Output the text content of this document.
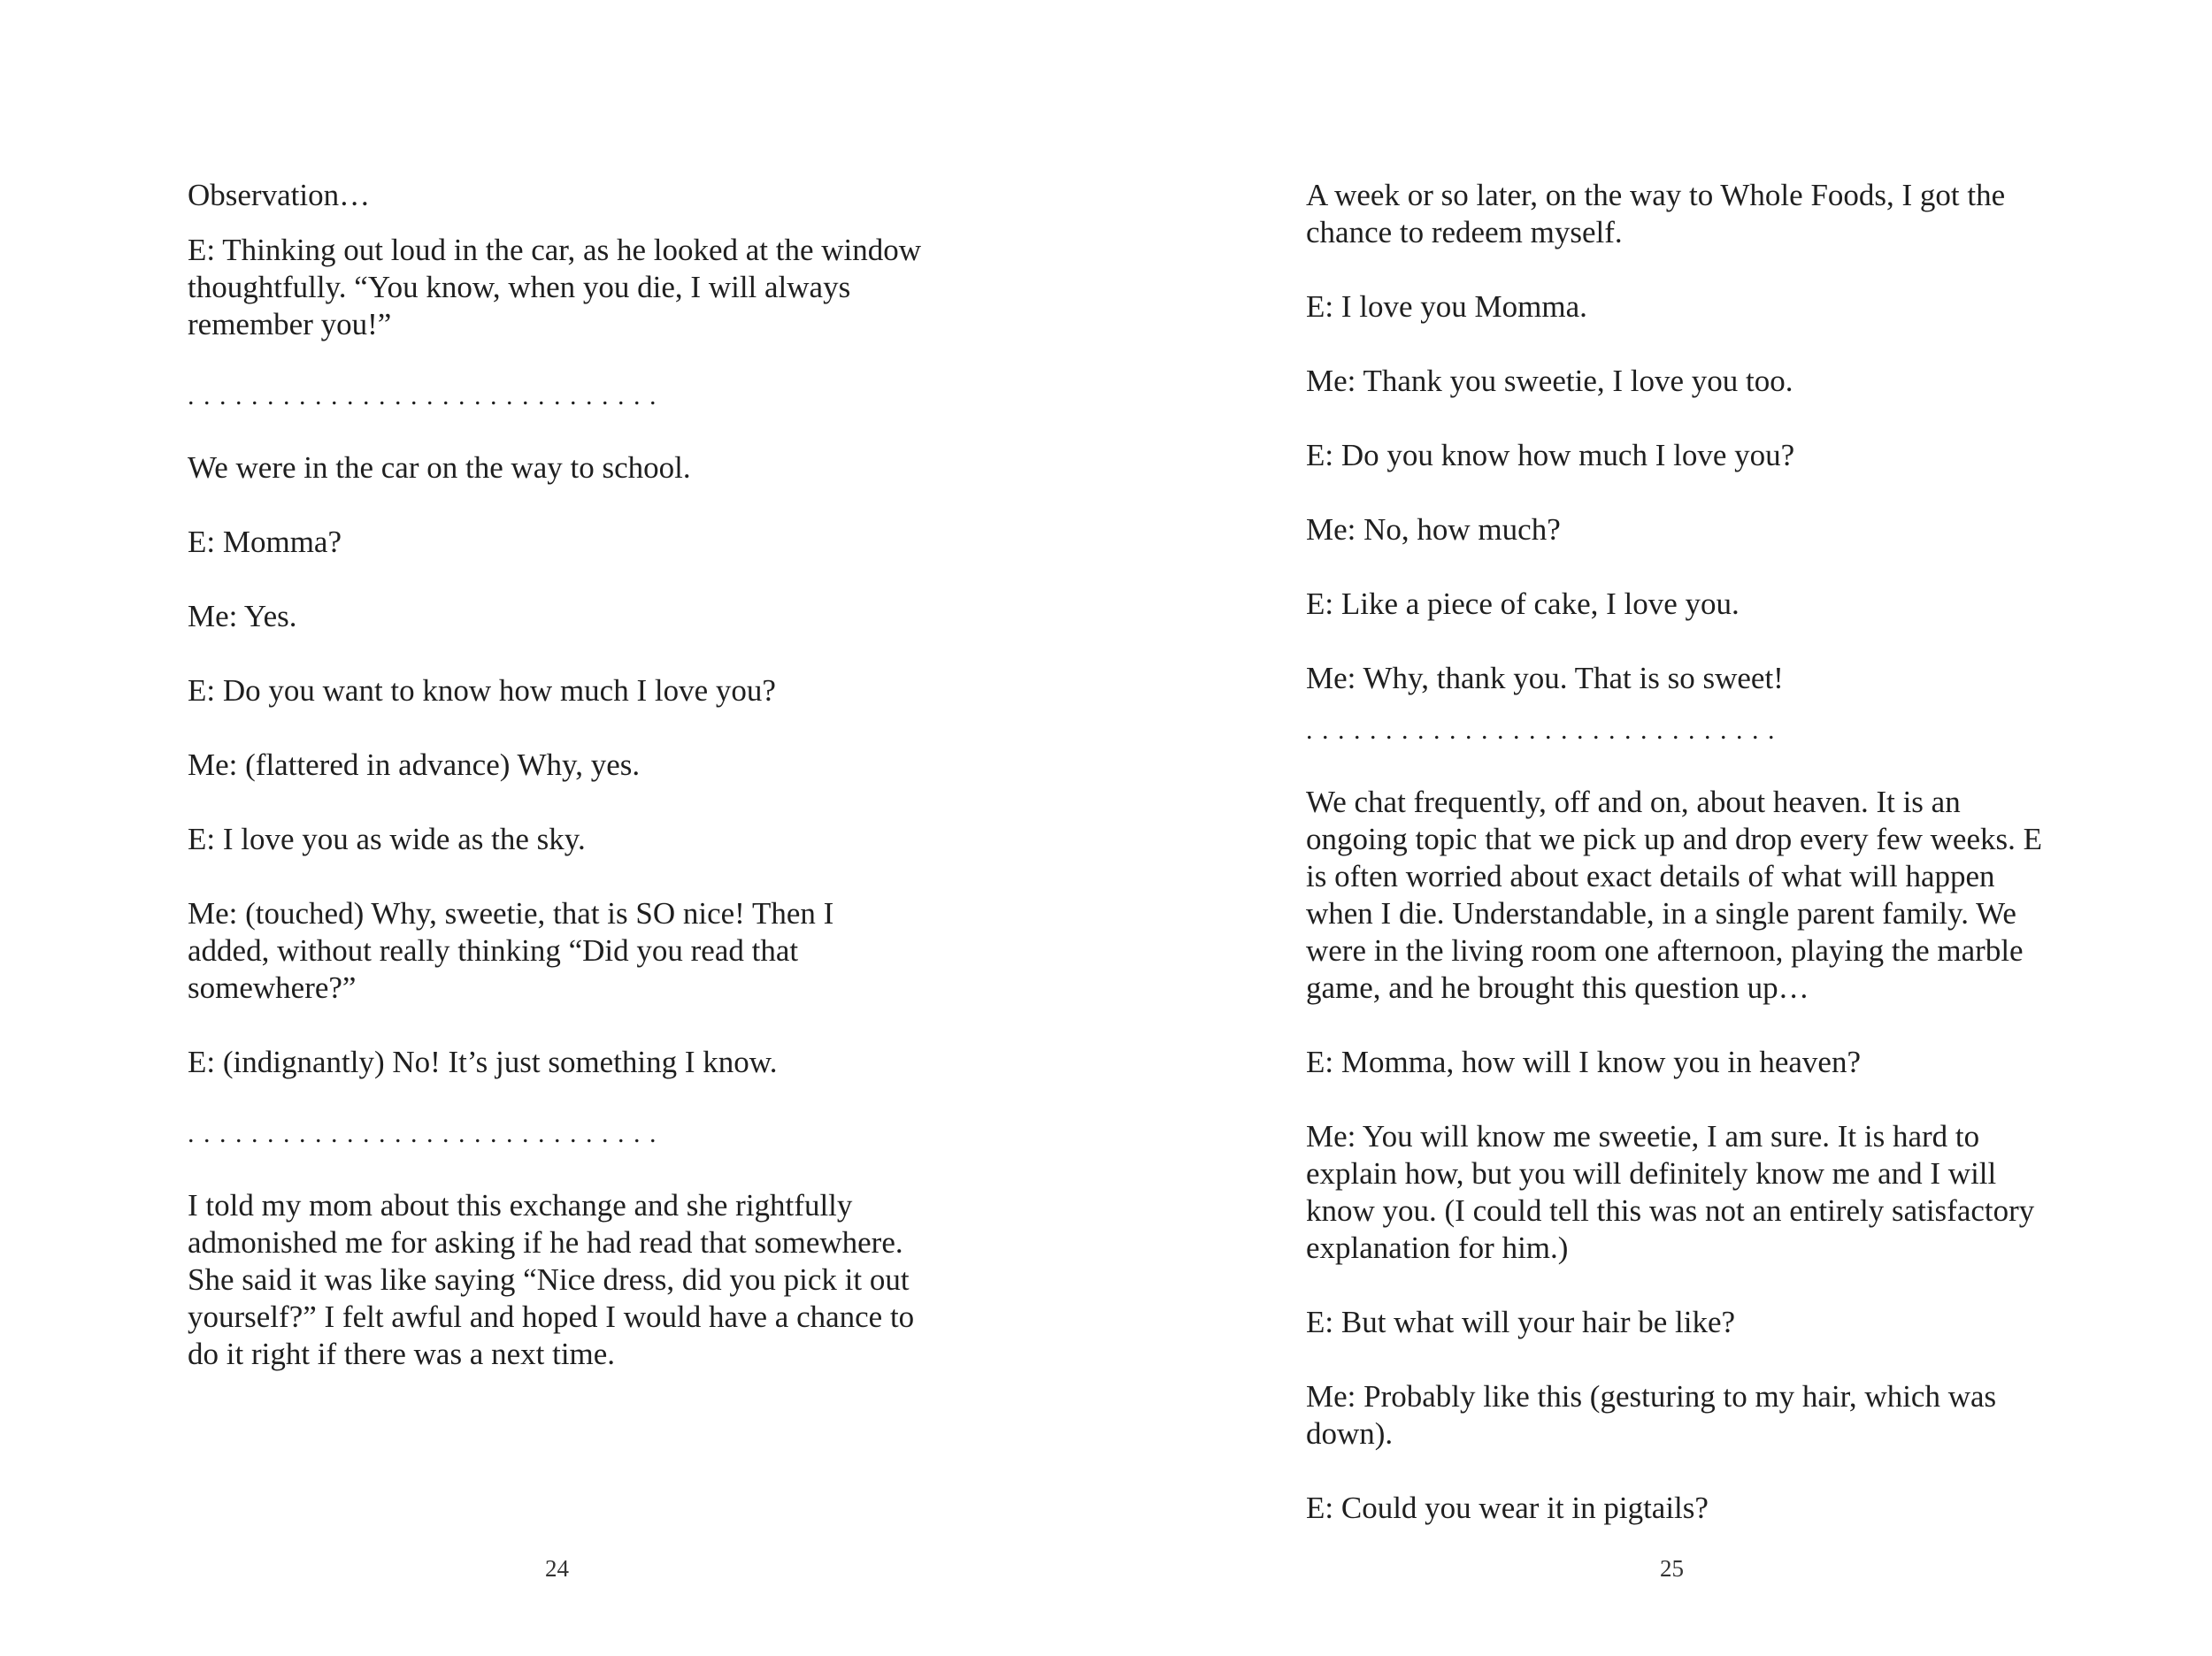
Observation…

E: Thinking out loud in the car, as he looked at the window thoughtfully. “You know, when you die, I will always remember you!”

..............................

We were in the car on the way to school.

E: Momma?

Me: Yes.

E: Do you want to know how much I love you?

Me: (flattered in advance) Why, yes.

E: I love you as wide as the sky.

Me: (touched) Why, sweetie, that is SO nice! Then I added, without really thinking “Did you read that somewhere?”

E: (indignantly) No! It’s just something I know.

..............................

I told my mom about this exchange and she rightfully admonished me for asking if he had read that somewhere. She said it was like saying “Nice dress, did you pick it out yourself?” I felt awful and hoped I would have a chance to do it right if there was a next time.

24

A week or so later, on the way to Whole Foods, I got the chance to redeem myself.

E: I love you Momma.

Me: Thank you sweetie, I love you too.

E: Do you know how much I love you?

Me: No, how much?

E: Like a piece of cake, I love you.

Me: Why, thank you. That is so sweet!

..............................

We chat frequently, off and on, about heaven. It is an ongoing topic that we pick up and drop every few weeks. E is often worried about exact details of what will happen when I die. Understandable, in a single parent family. We were in the living room one afternoon, playing the marble game, and he brought this question up…

E: Momma, how will I know you in heaven?

Me: You will know me sweetie, I am sure. It is hard to explain how, but you will definitely know me and I will know you. (I could tell this was not an entirely satisfactory explanation for him.)

E: But what will your hair be like?

Me: Probably like this (gesturing to my hair, which was down).

E: Could you wear it in pigtails?

25
